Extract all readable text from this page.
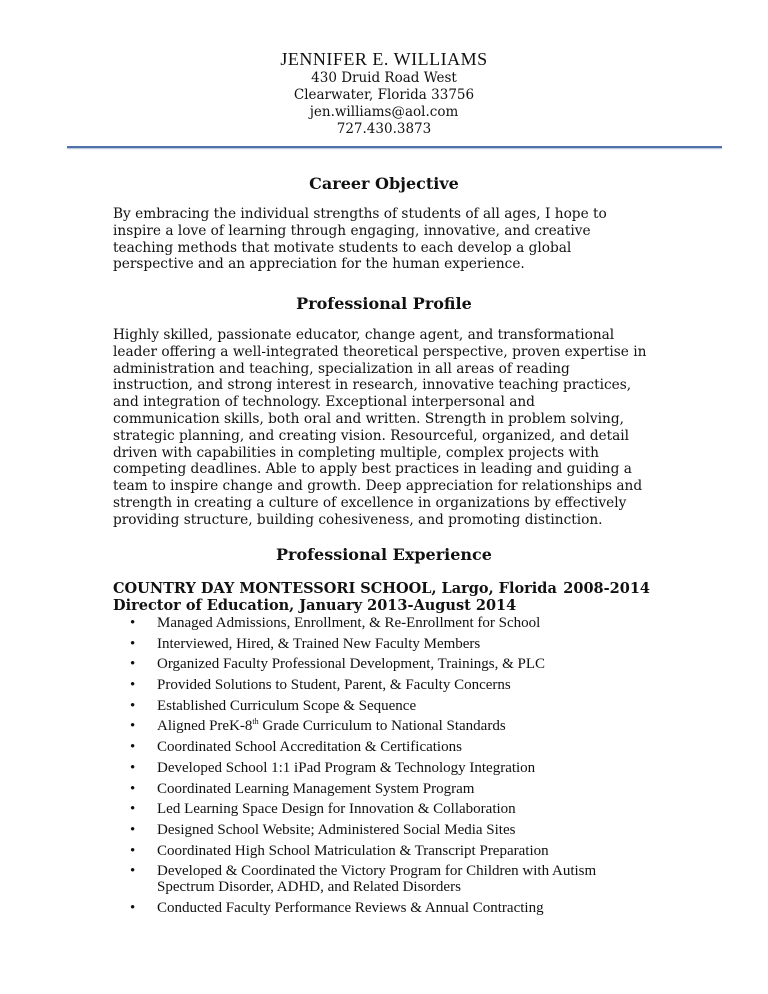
JENNIFER E. WILLIAMS
430 Druid Road West
Clearwater, Florida 33756
jen.williams@aol.com
727.430.3873
Career Objective
By embracing the individual strengths of students of all ages, I hope to
inspire a love of learning through engaging, innovative, and creative
teaching methods that motivate students to each develop a global
perspective and an appreciation for the human experience.
Professional Profile
Highly skilled, passionate educator, change agent, and transformational
leader offering a well-integrated theoretical perspective, proven expertise in
administration and teaching, specialization in all areas of reading
instruction, and strong interest in research, innovative teaching practices,
and integration of technology. Exceptional interpersonal and
communication skills, both oral and written. Strength in problem solving,
strategic planning, and creating vision. Resourceful, organized, and detail
driven with capabilities in completing multiple, complex projects with
competing deadlines. Able to apply best practices in leading and guiding a
team to inspire change and growth. Deep appreciation for relationships and
strength in creating a culture of excellence in organizations by effectively
providing structure, building cohesiveness, and promoting distinction.
Professional Experience
COUNTRY DAY MONTESSORI SCHOOL, Largo, Florida 2008-2014
Director of Education, January 2013-August 2014
• Managed Admissions, Enrollment, & Re-Enrollment for School
• Interviewed, Hired, & Trained New Faculty Members
• Organized Faculty Professional Development, Trainings, & PLC
• Provided Solutions to Student, Parent, & Faculty Concerns
• Established Curriculum Scope & Sequence
• Aligned PreK-8th Grade Curriculum to National Standards
• Coordinated School Accreditation & Certifications
• Developed School 1:1 iPad Program & Technology Integration
• Coordinated Learning Management System Program
• Led Learning Space Design for Innovation & Collaboration
• Designed School Website; Administered Social Media Sites
• Coordinated High School Matriculation & Transcript Preparation
• Developed & Coordinated the Victory Program for Children with Autism
Spectrum Disorder, ADHD, and Related Disorders
• Conducted Faculty Performance Reviews & Annual Contracting
